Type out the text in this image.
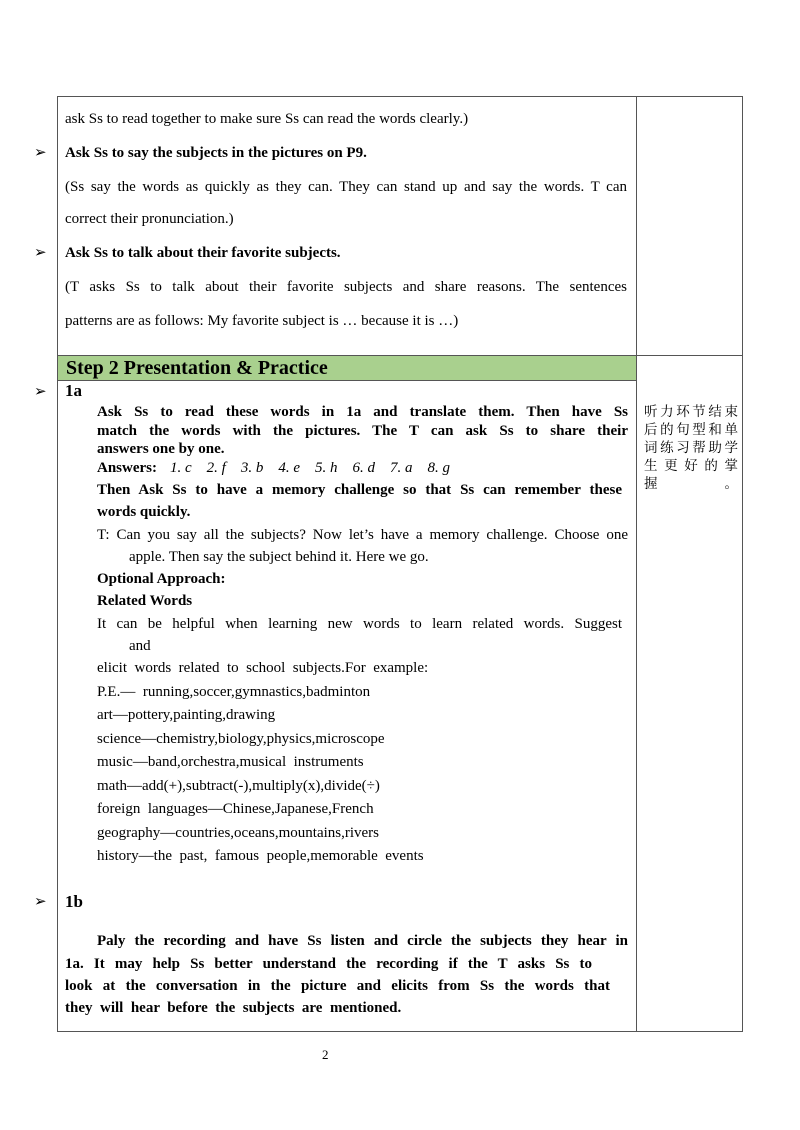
Step 2 Presentation & Practice
听力环节结束后的句型和单词练习帮助学生更好的掌握。
ask Ss to read together to make sure Ss can read the words clearly.)
➢ Ask Ss to say the subjects in the pictures on P9.
(Ss say the words as quickly as they can. They can stand up and say the words. T can
correct their pronunciation.)
➢ Ask Ss to talk about their favorite subjects.
(T asks Ss to talk about their favorite subjects and share reasons. The sentences
patterns are as follows: My favorite subject is … because it is …)
➢ 1a
Ask Ss to read these words in 1a and translate them. Then have Ss
match the words with the pictures. The T can ask Ss to share their
answers one by one.
Answers: 1. c    2. f    3. b    4. e    5. h    6. d    7. a    8. g
Then Ask Ss to have a memory challenge so that Ss can remember these
words quickly.
T: Can you say all the subjects? Now let’s have a memory challenge. Choose one
apple. Then say the subject behind it. Here we go.
Optional Approach:
Related Words
It can be helpful when learning new words to learn related words. Suggest
and
elicit  words  related  to  school  subjects.For  example:
P.E.—  running,soccer,gymnastics,badminton
art—pottery,painting,drawing
science—chemistry,biology,physics,microscope
music—band,orchestra,musical  instruments
math—add(+),subtract(-),multiply(x),divide(÷)
foreign  languages—Chinese,Japanese,French
geography—countries,oceans,mountains,rivers
history—the  past,  famous  people,memorable  events
➢ 1b
Paly the recording and have Ss listen and circle the subjects they hear in
1a. It may help Ss better understand the recording if the T asks Ss to
look at the conversation in the picture and elicits from Ss the words that
they  will  hear  before  the  subjects  are  mentioned.
2
